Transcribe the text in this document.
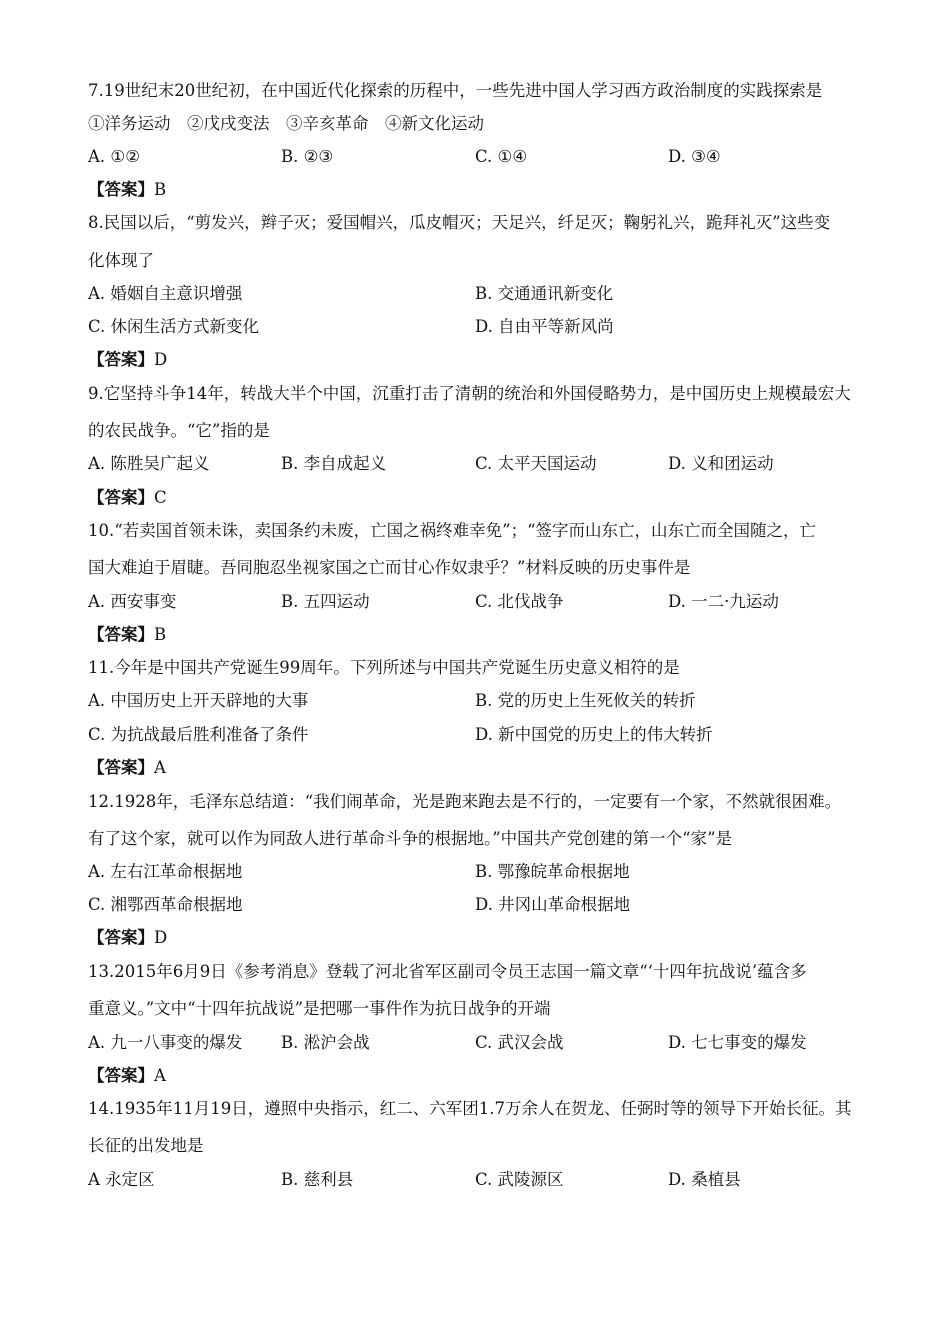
7.19世纪末20世纪初，在中国近代化探索的历程中，一些先进中国人学习西方政治制度的实践探索是
①洋务运动　②戊戌变法　③辛亥革命　④新文化运动
A. ①②	B. ②③	C. ①④	D. ③④
【答案】B
8.民国以后，“剪发兴，辫子灭；爱国帽兴，瓜皮帽灭；天足兴，纤足灭；鞠躬礼兴，跪拜礼灭”这些变
化体现了
A. 婚姻自主意识增强	B. 交通通讯新变化
C. 休闲生活方式新变化	D. 自由平等新风尚
【答案】D
9.它坚持斗争14年，转战大半个中国，沉重打击了清朝的统治和外国侵略势力，是中国历史上规模最宏大
的农民战争。“它”指的是
A. 陈胜吴广起义	B. 李自成起义	C. 太平天国运动	D. 义和团运动
【答案】C
10.“若卖国首领未诛，卖国条约未废，亡国之祸终难幸免”；“签字而山东亡，山东亡而全国随之，亡
国大难迫于眉睫。吾同胞忍坐视家国之亡而甘心作奴隶乎？”材料反映的历史事件是
A. 西安事变	B. 五四运动	C. 北伐战争	D. 一二·九运动
【答案】B
11.今年是中国共产党诞生99周年。下列所述与中国共产党诞生历史意义相符的是
A. 中国历史上开天辟地的大事	B. 党的历史上生死攸关的转折
C. 为抗战最后胜利准备了条件	D. 新中国党的历史上的伟大转折
【答案】A
12.1928年，毛泽东总结道：“我们闹革命，光是跑来跑去是不行的，一定要有一个家，不然就很困难。
有了这个家，就可以作为同敌人进行革命斗争的根据地。”中国共产党创建的第一个“家”是
A. 左右江革命根据地	B. 鄂豫皖革命根据地
C. 湘鄂西革命根据地	D. 井冈山革命根据地
【答案】D
13.2015年6月9日《参考消息》登载了河北省军区副司令员王志国一篇文章“‘十四年抗战说’蕴含多
重意义。”文中“十四年抗战说”是把哪一事件作为抗日战争的开端
A. 九一八事变的爆发 B. 淞沪会战	C. 武汉会战	D. 七七事变的爆发
【答案】A
14.1935年11月19日，遵照中央指示，红二、六军团1.7万余人在贺龙、任弼时等的领导下开始长征。其
长征的出发地是
A 永定区	B. 慈利县	C. 武陵源区	D. 桑植县
